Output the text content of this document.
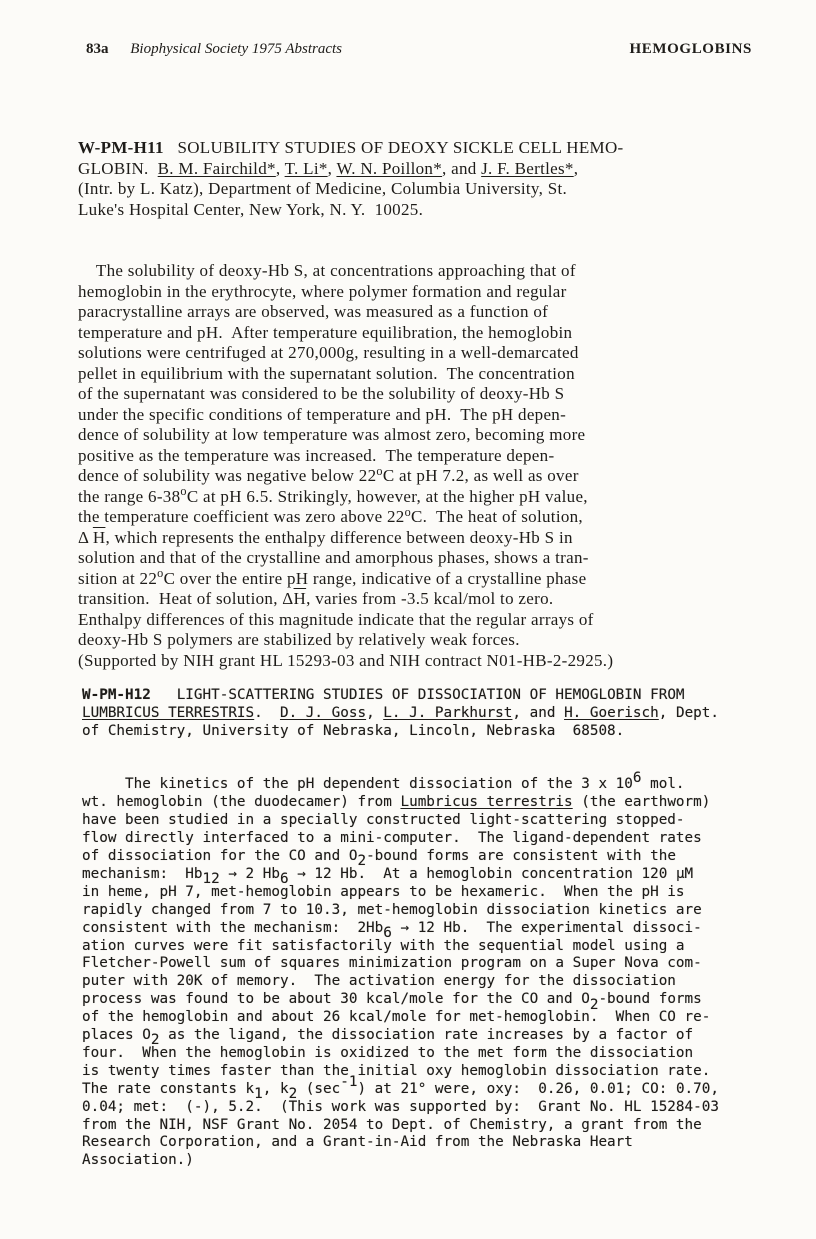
83a Biophysical Society 1975 Abstracts	HEMOGLOBINS

W-PM-H11   SOLUBILITY STUDIES OF DEOXY SICKLE CELL HEMO-
GLOBIN.  B. M. Fairchild*, T. Li*, W. N. Poillon*, and J. F. Bertles*,
(Intr. by L. Katz), Department of Medicine, Columbia University, St.
Luke's Hospital Center, New York, N. Y.  10025.

The solubility of deoxy-Hb S, at concentrations approaching that of
hemoglobin in the erythrocyte, where polymer formation and regular
paracrystalline arrays are observed, was measured as a function of
temperature and pH.  After temperature equilibration, the hemoglobin
solutions were centrifuged at 270,000g, resulting in a well-demarcated
pellet in equilibrium with the supernatant solution.  The concentration
of the supernatant was considered to be the solubility of deoxy-Hb S
under the specific conditions of temperature and pH.  The pH depen-
dence of solubility at low temperature was almost zero, becoming more
positive as the temperature was increased.  The temperature depen-
dence of solubility was negative below 22oC at pH 7.2, as well as over
the range 6-38oC at pH 6.5. Strikingly, however, at the higher pH value,
the temperature coefficient was zero above 22oC.  The heat of solution,
Δ $\overline{H}$, which represents the enthalpy difference between deoxy-Hb S in
solution and that of the crystalline and amorphous phases, shows a tran-
sition at 22oC over the entire pH range, indicative of a crystalline phase
transition.  Heat of solution, $\Delta\overline{H}$, varies from -3.5 kcal/mol to zero.
Enthalpy differences of this magnitude indicate that the regular arrays of
deoxy-Hb S polymers are stabilized by relatively weak forces.
(Supported by NIH grant HL 15293-03 and NIH contract N01-HB-2-2925.)

W-PM-H12   LIGHT-SCATTERING STUDIES OF DISSOCIATION OF HEMOGLOBIN FROM
LUMBRICUS TERRESTRIS.  D. J. Goss, L. J. Parkhurst, and H. Goerisch, Dept.
of Chemistry, University of Nebraska, Lincoln, Nebraska  68508.

The kinetics of the pH dependent dissociation of the 3 x 106 mol.
wt. hemoglobin (the duodecamer) from Lumbricus terrestris (the earthworm)
have been studied in a specially constructed light-scattering stopped-
flow directly interfaced to a mini-computer.  The ligand-dependent rates
of dissociation for the CO and O2-bound forms are consistent with the
mechanism:  Hb12 → 2 Hb6 → 12 Hb.  At a hemoglobin concentration 120 μM
in heme, pH 7, met-hemoglobin appears to be hexameric.  When the pH is
rapidly changed from 7 to 10.3, met-hemoglobin dissociation kinetics are
consistent with the mechanism:  2Hb6 → 12 Hb.  The experimental dissoci-
ation curves were fit satisfactorily with the sequential model using a
Fletcher-Powell sum of squares minimization program on a Super Nova com-
puter with 20K of memory.  The activation energy for the dissociation
process was found to be about 30 kcal/mole for the CO and O2-bound forms
of the hemoglobin and about 26 kcal/mole for met-hemoglobin.  When CO re-
places O2 as the ligand, the dissociation rate increases by a factor of
four.  When the hemoglobin is oxidized to the met form the dissociation
is twenty times faster than the initial oxy hemoglobin dissociation rate.
The rate constants k1, k2 (sec-1) at 21° were, oxy:  0.26, 0.01; CO: 0.70,
0.04; met:  (-), 5.2.  (This work was supported by:  Grant No. HL 15284-03
from the NIH, NSF Grant No. 2054 to Dept. of Chemistry, a grant from the
Research Corporation, and a Grant-in-Aid from the Nebraska Heart
Association.)
